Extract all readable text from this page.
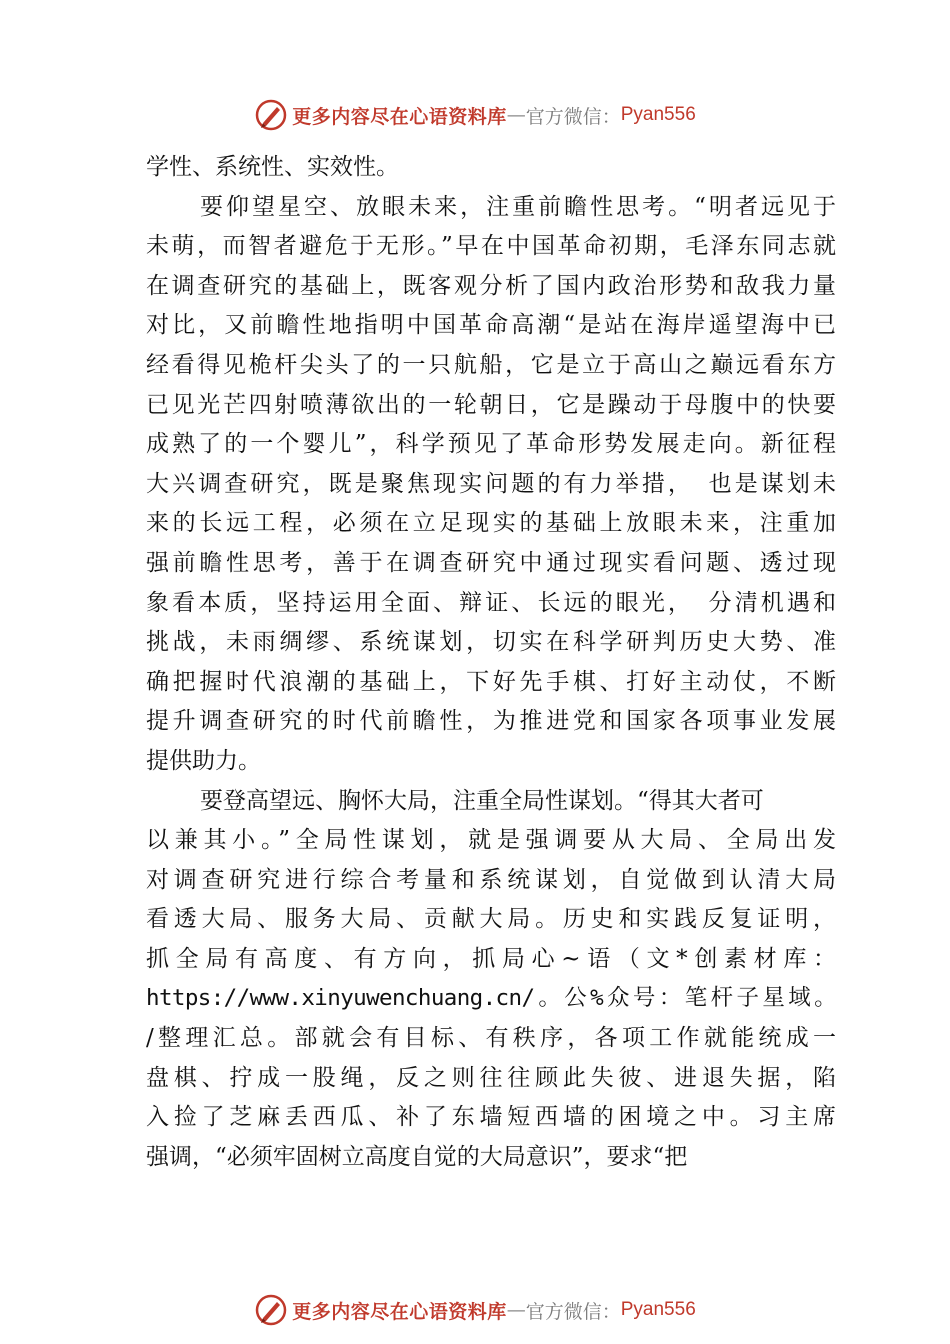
更多内容尽在心语资料库 — 官方微信： Pyan556
学性、系统性、实效性。
要仰望星空、放眼未来，注重前瞻性思考。“明者远见于
未萌，而智者避危于无形。”早在中国革命初期，毛泽东同志就
在调查研究的基础上，既客观分析了国内政治形势和敌我力量
对比，又前瞻性地指明中国革命高潮“是站在海岸遥望海中已
经看得见桅杆尖头了的一只航船，它是立于高山之巅远看东方
已见光芒四射喷薄欲出的一轮朝日，它是躁动于母腹中的快要
成熟了的一个婴儿”，科学预见了革命形势发展走向。新征程
大兴调查研究，既是聚焦现实问题的有力举措，　也是谋划未
来的长远工程，必须在立足现实的基础上放眼未来，注重加
强前瞻性思考，善于在调查研究中通过现实看问题、透过现
象看本质，坚持运用全面、辩证、长远的眼光，　分清机遇和
挑战，未雨绸缪、系统谋划，切实在科学研判历史大势、准
确把握时代浪潮的基础上，下好先手棋、打好主动仗，不断
提升调查研究的时代前瞻性，为推进党和国家各项事业发展
提供助力。
要登高望远、胸怀大局，注重全局性谋划。“得其大者可
以兼其小。”全局性谋划，就是强调要从大局、全局出发
对调查研究进行综合考量和系统谋划，自觉做到认清大局
看透大局、服务大局、贡献大局。历史和实践反复证明，
抓全局有高度、有方向，抓局心~语（文*创素材库：
https://www.xinyuwenchuang.cn/。公%众号：笔杆子星域。
/整理汇总。部就会有目标、有秩序，各项工作就能统成一
盘棋、拧成一股绳，反之则往往顾此失彼、进退失据，陷
入捡了芝麻丢西瓜、补了东墙短西墙的困境之中。习主席
强调，“必须牢固树立高度自觉的大局意识”，要求“把
更多内容尽在心语资料库 — 官方微信： Pyan556
